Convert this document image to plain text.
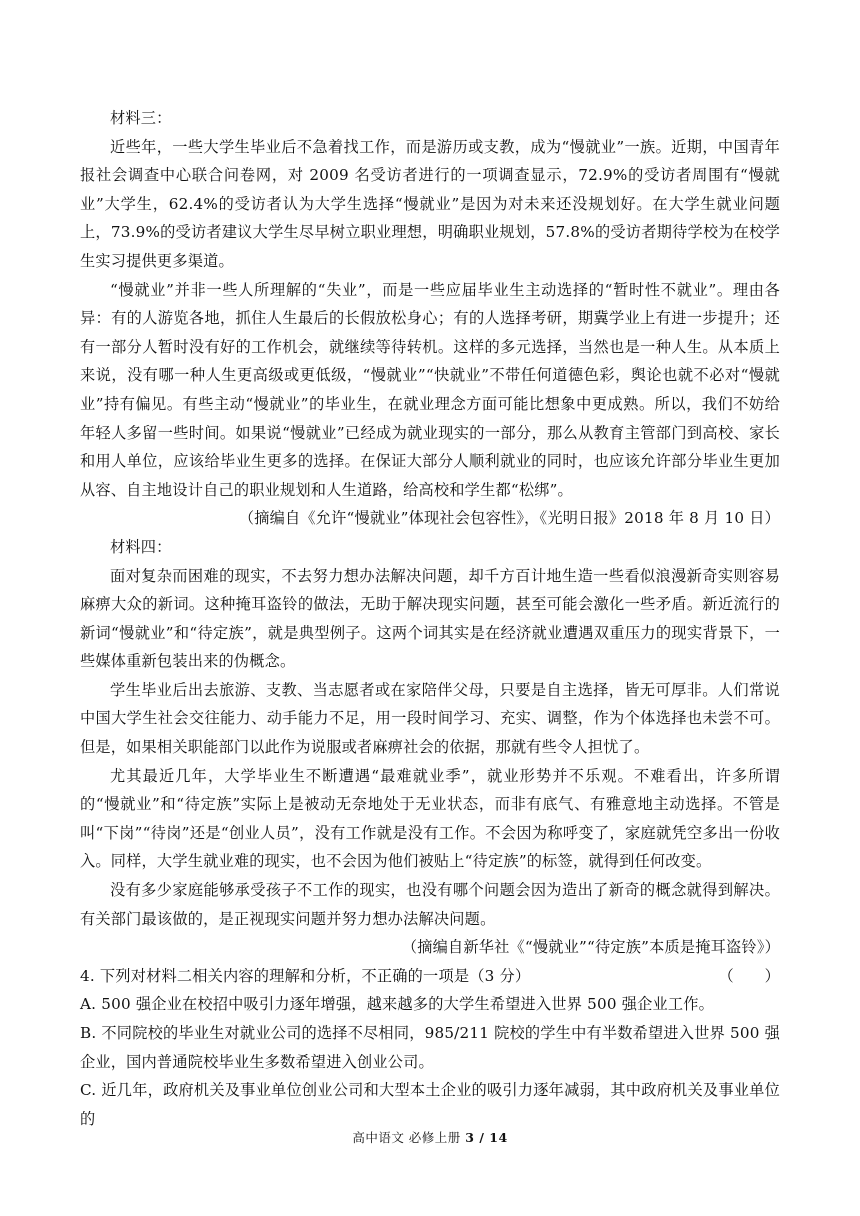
材料三：

近些年，一些大学生毕业后不急着找工作，而是游历或支教，成为“慢就业”一族。近期，中国青年报社会调查中心联合问卷网，对 2009 名受访者进行的一项调查显示，72.9%的受访者周围有“慢就业”大学生，62.4%的受访者认为大学生选择“慢就业”是因为对未来还没规划好。在大学生就业问题上，73.9%的受访者建议大学生尽早树立职业理想，明确职业规划，57.8%的受访者期待学校为在校学生实习提供更多渠道。

“慢就业”并非一些人所理解的“失业”，而是一些应届毕业生主动选择的“暂时性不就业”。理由各异：有的人游览各地，抓住人生最后的长假放松身心；有的人选择考研，期冀学业上有进一步提升；还有一部分人暂时没有好的工作机会，就继续等待转机。这样的多元选择，当然也是一种人生。从本质上来说，没有哪一种人生更高级或更低级，“慢就业”“快就业”不带任何道德色彩，舆论也就不必对“慢就业”持有偏见。有些主动“慢就业”的毕业生，在就业理念方面可能比想象中更成熟。所以，我们不妨给年轻人多留一些时间。如果说“慢就业”已经成为就业现实的一部分，那么从教育主管部门到高校、家长和用人单位，应该给毕业生更多的选择。在保证大部分人顺利就业的同时，也应该允许部分毕业生更加从容、自主地设计自己的职业规划和人生道路，给高校和学生都“松绑”。

（摘编自《允许“慢就业”体现社会包容性》，《光明日报》2018 年 8 月 10 日）

材料四：

面对复杂而困难的现实，不去努力想办法解决问题，却千方百计地生造一些看似浪漫新奇实则容易麻痹大众的新词。这种掩耳盗铃的做法，无助于解决现实问题，甚至可能会激化一些矛盾。新近流行的新词“慢就业”和“待定族”，就是典型例子。这两个词其实是在经济就业遭遇双重压力的现实背景下，一些媒体重新包装出来的伪概念。

学生毕业后出去旅游、支教、当志愿者或在家陪伴父母，只要是自主选择，皆无可厚非。人们常说中国大学生社会交往能力、动手能力不足，用一段时间学习、充实、调整，作为个体选择也未尝不可。但是，如果相关职能部门以此作为说服或者麻痹社会的依据，那就有些令人担忧了。

尤其最近几年，大学毕业生不断遭遇“最难就业季”，就业形势并不乐观。不难看出，许多所谓的“慢就业”和“待定族”实际上是被动无奈地处于无业状态，而非有底气、有雅意地主动选择。不管是叫“下岗”“待岗”还是“创业人员”，没有工作就是没有工作。不会因为称呼变了，家庭就凭空多出一份收入。同样，大学生就业难的现实，也不会因为他们被贴上“待定族”的标签，就得到任何改变。

没有多少家庭能够承受孩子不工作的现实，也没有哪个问题会因为造出了新奇的概念就得到解决。有关部门最该做的，是正视现实问题并努力想办法解决问题。

（摘编自新华社《“慢就业”“待定族”本质是掩耳盗铃》）

4. 下列对材料二相关内容的理解和分析，不正确的一项是（3 分）	（　　）

A. 500 强企业在校招中吸引力逐年增强，越来越多的大学生希望进入世界 500 强企业工作。

B. 不同院校的毕业生对就业公司的选择不尽相同，985/211 院校的学生中有半数希望进入世界 500 强企业，国内普通院校毕业生多数希望进入创业公司。

C. 近几年，政府机关及事业单位创业公司和大型本土企业的吸引力逐年减弱，其中政府机关及事业单位的

高中语文 必修上册 3 / 14
